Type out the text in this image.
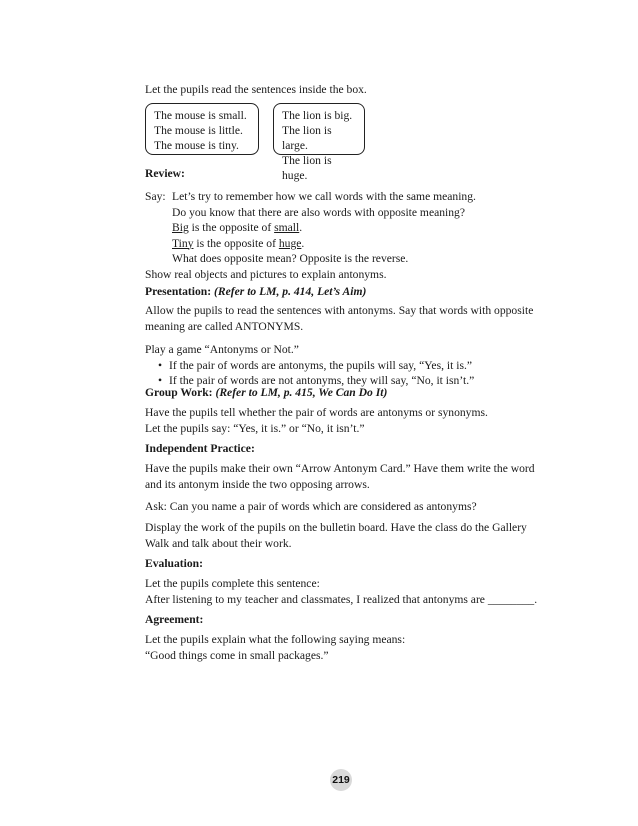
Let the pupils read the sentences inside the box.

The mouse is small.

The mouse is little.

The mouse is tiny.

The lion is big.

The lion is large.

The lion is huge.

Review:

Say: Let’s try to remember how we call words with the same meaning.

Do you know that there are also words with opposite meaning?

Big is the opposite of small.

Tiny is the opposite of huge.

What does opposite mean? Opposite is the reverse.

Show real objects and pictures to explain antonyms.

Presentation: (Refer to LM, p. 414, Let’s Aim)

Allow the pupils to read the sentences with antonyms. Say that words with opposite meaning are called ANTONYMS.

Play a game “Antonyms or Not.”

• If the pair of words are antonyms, the pupils will say, “Yes, it is.”
• If the pair of words are not antonyms, they will say, “No, it isn’t.”

Group Work: (Refer to LM, p. 415, We Can Do It)

Have the pupils tell whether the pair of words are antonyms or synonyms.

Let the pupils say: “Yes, it is.” or “No, it isn’t.”

Independent Practice:

Have the pupils make their own “Arrow Antonym Card.” Have them write the word and its antonym inside the two opposing arrows.

Ask: Can you name a pair of words which are considered as antonyms?

Display the work of the pupils on the bulletin board. Have the class do the Gallery Walk and talk about their work.

Evaluation:

Let the pupils complete this sentence:

After listening to my teacher and classmates, I realized that antonyms are ________.

Agreement:

Let the pupils explain what the following saying means:

“Good things come in small packages.”

219
